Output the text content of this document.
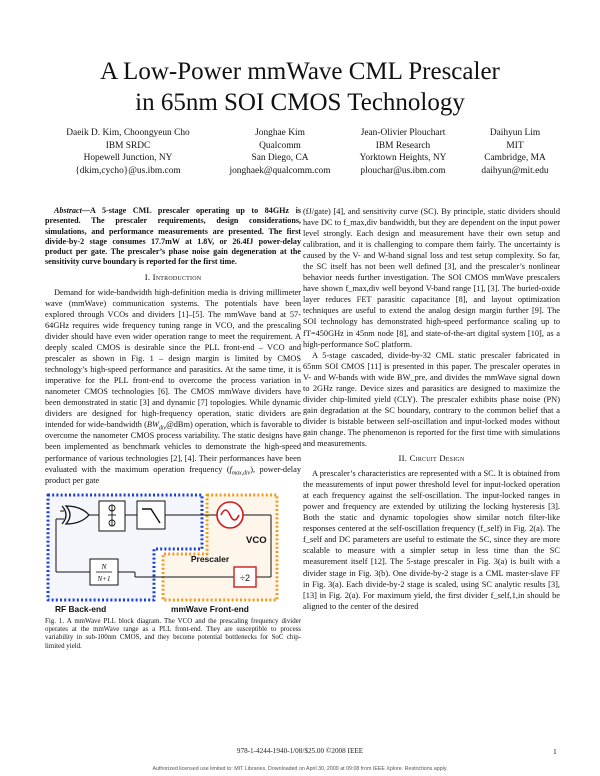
A Low-Power mmWave CML Prescaler
in 65nm SOI CMOS Technology
Daeik D. Kim, Choongyeun Cho
IBM SRDC
Hopewell Junction, NY
{dkim,cycho}@us.ibm.com
Jonghae Kim
Qualcomm
San Diego, CA
jonghaek@qualcomm.com
Jean-Olivier Plouchart
IBM Research
Yorktown Heights, NY
plouchar@us.ibm.com
Daihyun Lim
MIT
Cambridge, MA
daihyun@mit.edu

Abstract—A 5-stage CML prescaler operating up to 84GHz is presented. The prescaler requirements, design considerations, simulations, and performance measurements are presented. The first divide-by-2 stage consumes 17.7mW at 1.8V, or 26.4fJ power-delay product per gate. The prescaler’s phase noise gain degeneration at the sensitivity curve boundary is reported for the first time.

I. Introduction

Demand for wide-bandwidth high-definition media is driving millimeter wave (mmWave) communication systems. The potentials have been explored through VCOs and dividers [1]–[5]. The mmWave band at 57-64GHz requires wide frequency tuning range in VCO, and the prescaling divider should have even wider operation range to meet the requirement. A deeply scaled CMOS is desirable since the PLL front-end – VCO and prescaler as shown in Fig. 1 – design margin is limited by CMOS technology’s high-speed performance and parasitics. At the same time, it is imperative for the PLL front-end to overcome the process variation in nanometer CMOS technologies [6]. The CMOS mmWave dividers have been demonstrated in static [3] and dynamic [7] topologies. While dynamic dividers are designed for high-frequency operation, static dividers are intended for wide-bandwidth $(BW_{div}@dBm)$ operation, which is favorable to overcome the nanometer CMOS process variability. The static designs have been implemented as benchmark vehicles to demonstrate the high-speed performance of various technologies [2], [4]. Their performances have been evaluated with the maximum operation frequency $(f_{max,div})$, power-delay product per gate

VCO
Prescaler
÷2
N
N+1
RF Back-end	mmWave Front-end
Fig. 1. A mmWave PLL block diagram. The VCO and the prescaling frequency divider operates at the mmWave range as a PLL front-end. They are susceptible to process variability in sub-100nm CMOS, and they become potential bottlenecks for SoC chip-limited yield.

(fJ/gate) [4], and sensitivity curve (SC). By principle, static dividers should have DC to f_max,div bandwidth, but they are dependent on the input power level strongly. Each design and measurement have their own setup and calibration, and it is challenging to compare them fairly. The uncertainty is caused by the V- and W-band signal loss and test setup complexity. So far, the SC itself has not been well defined [3], and the prescaler’s nonlinear behavior needs further investigation. The SOI CMOS mmWave prescalers have shown f_max,div well beyond V-band range [1], [3]. The buried-oxide layer reduces FET parasitic capacitance [8], and layout optimization techniques are useful to extend the analog design margin further [9]. The SOI technology has demonstrated high-speed performance scaling up to fT=450GHz in 45nm node [8], and state-of-the-art digital system [10], as a high-performance SoC platform.

A 5-stage cascaded, divide-by-32 CML static prescaler fabricated in 65nm SOI CMOS [11] is presented in this paper. The prescaler operates in V- and W-bands with wide BW_pre, and divides the mmWave signal down to 2GHz range. Device sizes and parasitics are designed to maximize the divider chip-limited yield (CLY). The prescaler exhibits phase noise (PN) gain degradation at the SC boundary, contrary to the common belief that a divider is bistable between self-oscillation and input-locked modes without gain change. The phenomenon is reported for the first time with simulations and measurements.

II. Circuit Design

A prescaler’s characteristics are represented with a SC. It is obtained from the measurements of input power threshold level for input-locked operation at each frequency against the self-oscillation. The input-locked ranges in power and frequency are extended by utilizing the locking hysteresis [3]. Both the static and dynamic topologies show similar notch filter-like responses centered at the self-oscillation frequency (f_self) in Fig. 2(a). The f_self and DC parameters are useful to estimate the SC, since they are more scalable to measure with a simpler setup in less time than the SC measurement itself [12]. The 5-stage prescaler in Fig. 3(a) is built with a divider stage in Fig. 3(b). One divide-by-2 stage is a CML master-slave FF in Fig. 3(a). Each divide-by-2 stage is scaled, using SC analytic results [3], [13] in Fig. 2(a). For maximum yield, the first divider f_self,1,in should be aligned to the center of the desired

978-1-4244-1940-1/08/$25.00 ©2008 IEEE	1
Authorized licensed use limited to: MIT Libraries. Downloaded on April 30, 2009 at 09:08 from IEEE Xplore. Restrictions apply.
